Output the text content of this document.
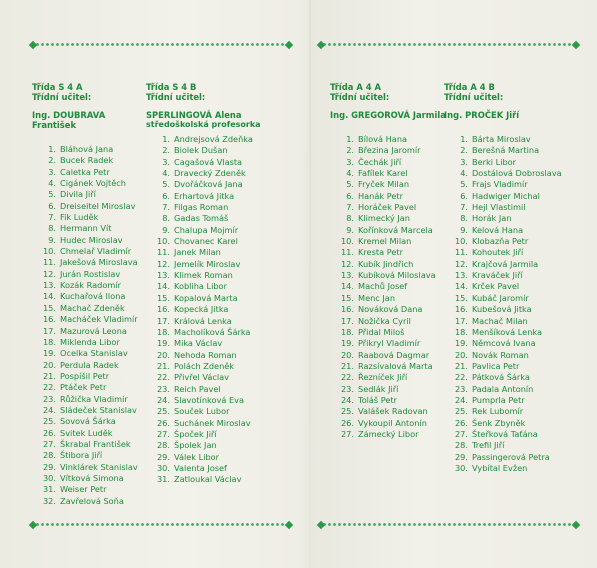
Třída S 4 A
Třídní učitel:
Ing. DOUBRAVA František
1. Bláhová Jana
2. Bucek Radek
3. Caletka Petr
4. Cigánek Vojtěch
5. Divila Jiří
6. Dreiseitel Miroslav
7. Fik Luděk
8. Hermann Vít
9. Hudec Miroslav
10. Chmelař Vladimír
11. Jakešová Miroslava
12. Jurán Rostislav
13. Kozák Radomír
14. Kuchařová Ilona
15. Machač Zdeněk
16. Macháček Vladimír
17. Mazurová Leona
18. Miklenda Libor
19. Ocelka Stanislav
20. Perdula Radek
21. Pospíšil Petr
22. Ptáček Petr
23. Růžička Vladimír
24. Sládeček Stanislav
25. Sovová Šárka
26. Svitek Luděk
27. Škrabal František
28. Štibora Jiří
29. Vinklárek Stanislav
30. Vítková Simona
31. Weiser Petr
32. Zavřelová Soňa
Třída S 4 B
Třídní učitel:
SPERLINGOVÁ Alena
středoškolská profesorka
1. Andrejsová Zdeňka
2. Biolek Dušan
3. Cagašová Vlasta
4. Dravecký Zdeněk
5. Dvořáčková Jana
6. Erhartová Jitka
7. Filgas Roman
8. Gadas Tomáš
9. Chalupa Mojmír
10. Chovanec Karel
11. Janek Milan
12. Jemelík Miroslav
13. Klimek Roman
14. Kobliha Libor
15. Kopalová Marta
16. Kopecká Jitka
17. Králová Lenka
18. Macholíková Šárka
19. Mika Václav
20. Nehoda Roman
21. Polách Zdeněk
22. Přivřel Václav
23. Reich Pavel
24. Slavotínková Eva
25. Souček Lubor
26. Suchánek Miroslav
27. Špoček Jiří
28. Špolek Jan
29. Válek Libor
30. Valenta Josef
31. Zatloukal Václav
Třída A 4 A
Třídní učitel:
Ing. GREGOROVÁ Jarmila
1. Bílová Hana
2. Březina Jaromír
3. Čechák Jiří
4. Fafílek Karel
5. Fryček Milan
6. Hanák Petr
7. Horáček Pavel
8. Klimecký Jan
9. Kořínková Marcela
10. Kremel Milan
11. Krestа Petr
12. Kubík Jindřich
13. Kubíková Miloslava
14. Machů Josef
15. Menc Jan
16. Nováková Dana
17. Nožička Cyril
18. Přidal Miloš
19. Přikryl Vladimír
20. Raabová Dagmar
21. Razsívalová Marta
22. Řezníček Jiří
23. Sedlák Jiří
24. Toláš Petr
25. Valášek Radovan
26. Vykoupil Antonín
27. Zámecký Libor
Třída A 4 B
Třídní učitel:
Ing. PROČEK Jiří
1. Bárta Miroslav
2. Berešná Martina
3. Berki Libor
4. Dostálová Dobroslava
5. Frajs Vladimír
6. Hadwiger Michal
7. Hejl Vlastimil
8. Horák Jan
9. Kelová Hana
10. Klobazňa Petr
11. Kohoutek Jiří
12. Krajčová Jarmila
13. Kraváček Jiří
14. Krček Pavel
15. Kubáč Jaromír
16. Kubešová Jitka
17. Machač Milan
18. Menšíková Lenka
19. Němcová Ivana
20. Novák Roman
21. Pavlica Petr
22. Pátková Šárka
23. Padala Antonín
24. Pumprla Petr
25. Rek Lubomír
26. Šenk Zbyněk
27. Šteřková Taťána
28. Trefil Jiří
29. Passingerová Petra
30. Vybítal Evžen
